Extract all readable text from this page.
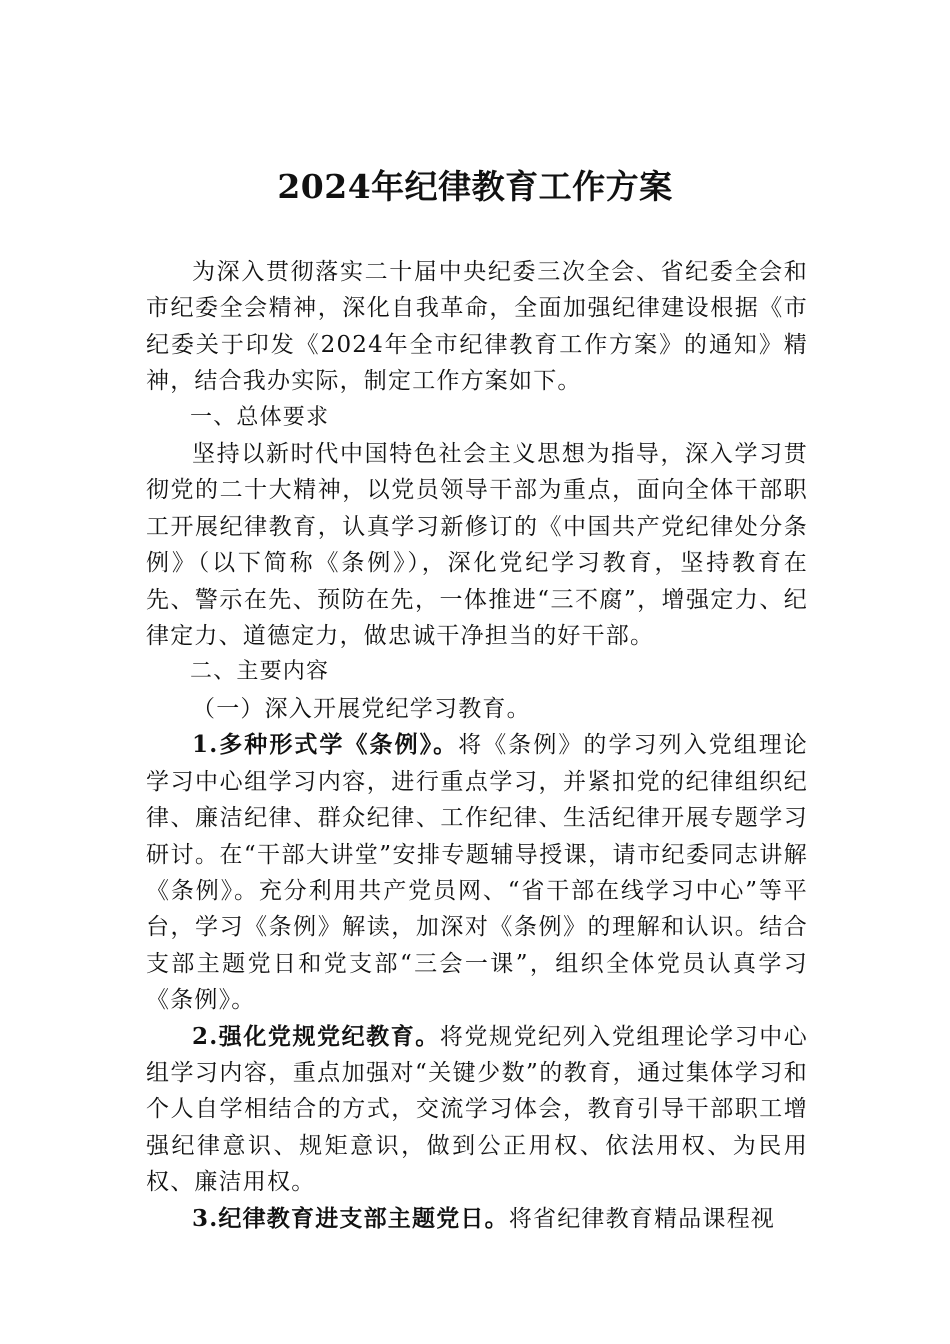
2024年纪律教育工作方案

为深入贯彻落实二十届中央纪委三次全会、省纪委全会和市纪委全会精神，深化自我革命，全面加强纪律建设根据《市纪委关于印发《2024年全市纪律教育工作方案》的通知》精神，结合我办实际，制定工作方案如下。

一、总体要求

坚持以新时代中国特色社会主义思想为指导，深入学习贯彻党的二十大精神，以党员领导干部为重点，面向全体干部职工开展纪律教育，认真学习新修订的《中国共产党纪律处分条例》（以下简称《条例》），深化党纪学习教育，坚持教育在先、警示在先、预防在先，一体推进“三不腐”，增强定力、纪律定力、道德定力，做忠诚干净担当的好干部。

二、主要内容

（一）深入开展党纪学习教育。

1.多种形式学《条例》。将《条例》的学习列入党组理论学习中心组学习内容，进行重点学习，并紧扣党的纪律组织纪律、廉洁纪律、群众纪律、工作纪律、生活纪律开展专题学习研讨。在“干部大讲堂”安排专题辅导授课，请市纪委同志讲解《条例》。充分利用共产党员网、“省干部在线学习中心”等平台，学习《条例》解读，加深对《条例》的理解和认识。结合支部主题党日和党支部“三会一课”，组织全体党员认真学习《条例》。

2.强化党规党纪教育。将党规党纪列入党组理论学习中心组学习内容，重点加强对“关键少数”的教育，通过集体学习和个人自学相结合的方式，交流学习体会，教育引导干部职工增强纪律意识、规矩意识，做到公正用权、依法用权、为民用权、廉洁用权。

3.纪律教育进支部主题党日。将省纪律教育精品课程视
